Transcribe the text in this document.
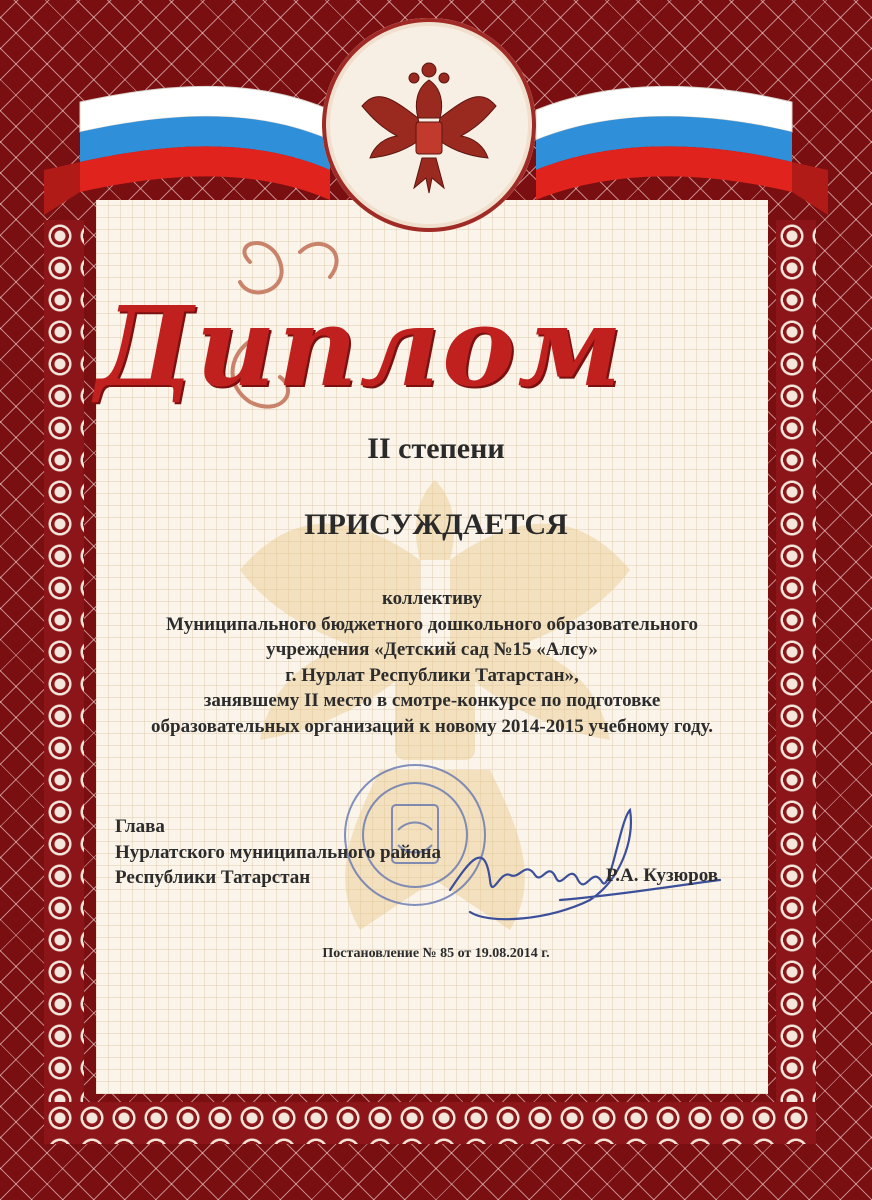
Диплом
II степени
ПРИСУЖДАЕТСЯ
коллективу
Муниципального бюджетного дошкольного образовательного
учреждения «Детский сад №15 «Алсу»
г. Нурлат Республики Татарстан»,
занявшему II место в смотре-конкурсе по подготовке
образовательных организаций к новому 2014-2015 учебному году.
Глава
Нурлатского муниципального района
Республики Татарстан	Р.А. Кузюров
Постановление № 85 от 19.08.2014 г.
